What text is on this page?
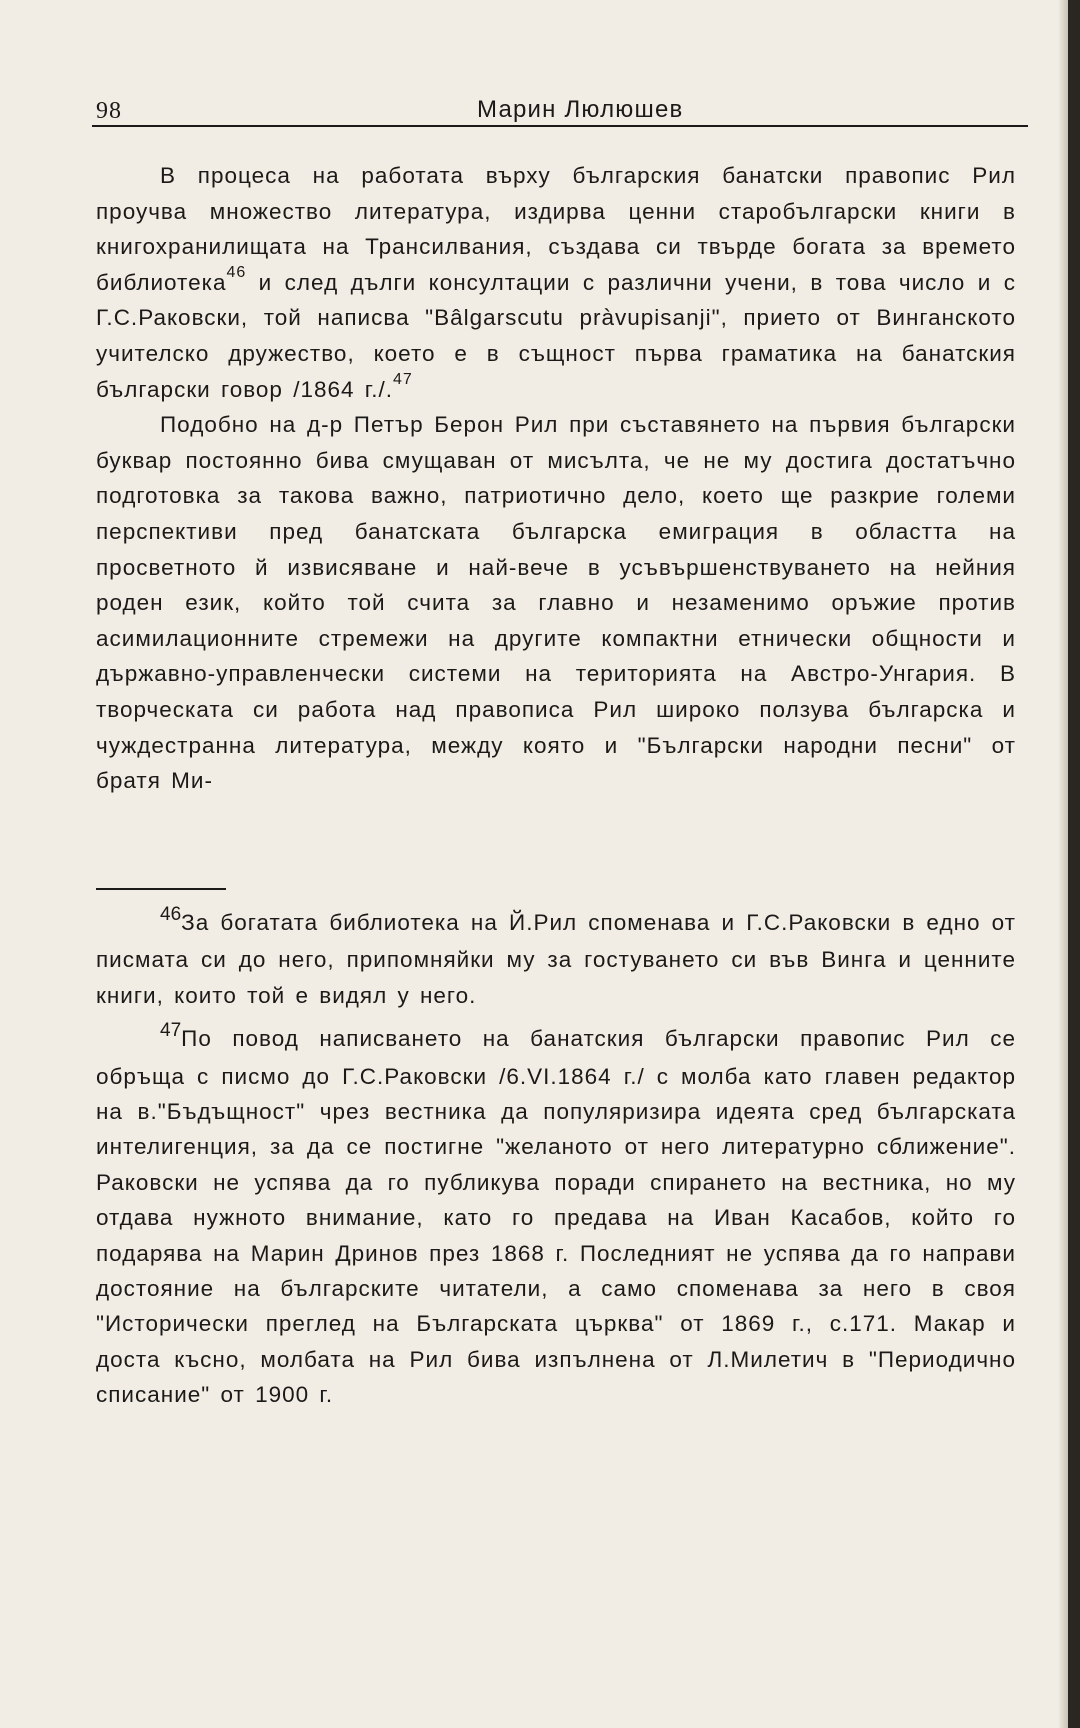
98	Марин Люлюшев

В процеса на работата върху българския банатски правопис Рил проучва множество литература, издирва ценни старобългарски книги в книгохранилищата на Трансилвания, създава си твърде богата за времето библиотека$^{46}$ и след дълги консултации с различни учени, в това число и с Г.С.Раковски, той написва "Bâlgarscutu pràvupisanji", прието от Винганското учителско дружество, което е в същност първа граматика на банатския български говор /1864 г./.$^{47}$

Подобно на д-р Петър Берон Рил при съставянето на първия български буквар постоянно бива смущаван от мисълта, че не му достига достатъчно подготовка за такова важно, патриотично дело, което ще разкрие големи перспективи пред банатската българска емиграция в областта на просветното й извисяване и най-вече в усъвършенствуването на нейния роден език, който той счита за главно и незаменимо оръжие против асимилационните стремежи на другите компактни етнически общности и държавно-управленчески системи на територията на Австро-Унгария. В творческата си работа над правописа Рил широко ползува българска и чуждестранна литература, между която и "Български народни песни" от братя Ми-

$^{46}$За богатата библиотека на Й.Рил споменава и Г.С.Раковски в едно от писмата си до него, припомняйки му за гостуването си във Винга и ценните книги, които той е видял у него.

$^{47}$По повод написването на банатския български правопис Рил се обръща с писмо до Г.С.Раковски /6.VI.1864 г./ с молба като главен редактор на в."Бъдъщност" чрез вестника да популяризира идеята сред българската интелигенция, за да се постигне "желаното от него литературно сближение". Раковски не успява да го публикува поради спирането на вестника, но му отдава нужното внимание, като го предава на Иван Касабов, който го подарява на Марин Дринов през 1868 г. Последният не успява да го направи достояние на българските читатели, а само споменава за него в своя "Исторически преглед на Българската църква" от 1869 г., с.171. Макар и доста късно, молбата на Рил бива изпълнена от Л.Милетич в "Периодично списание" от 1900 г.
